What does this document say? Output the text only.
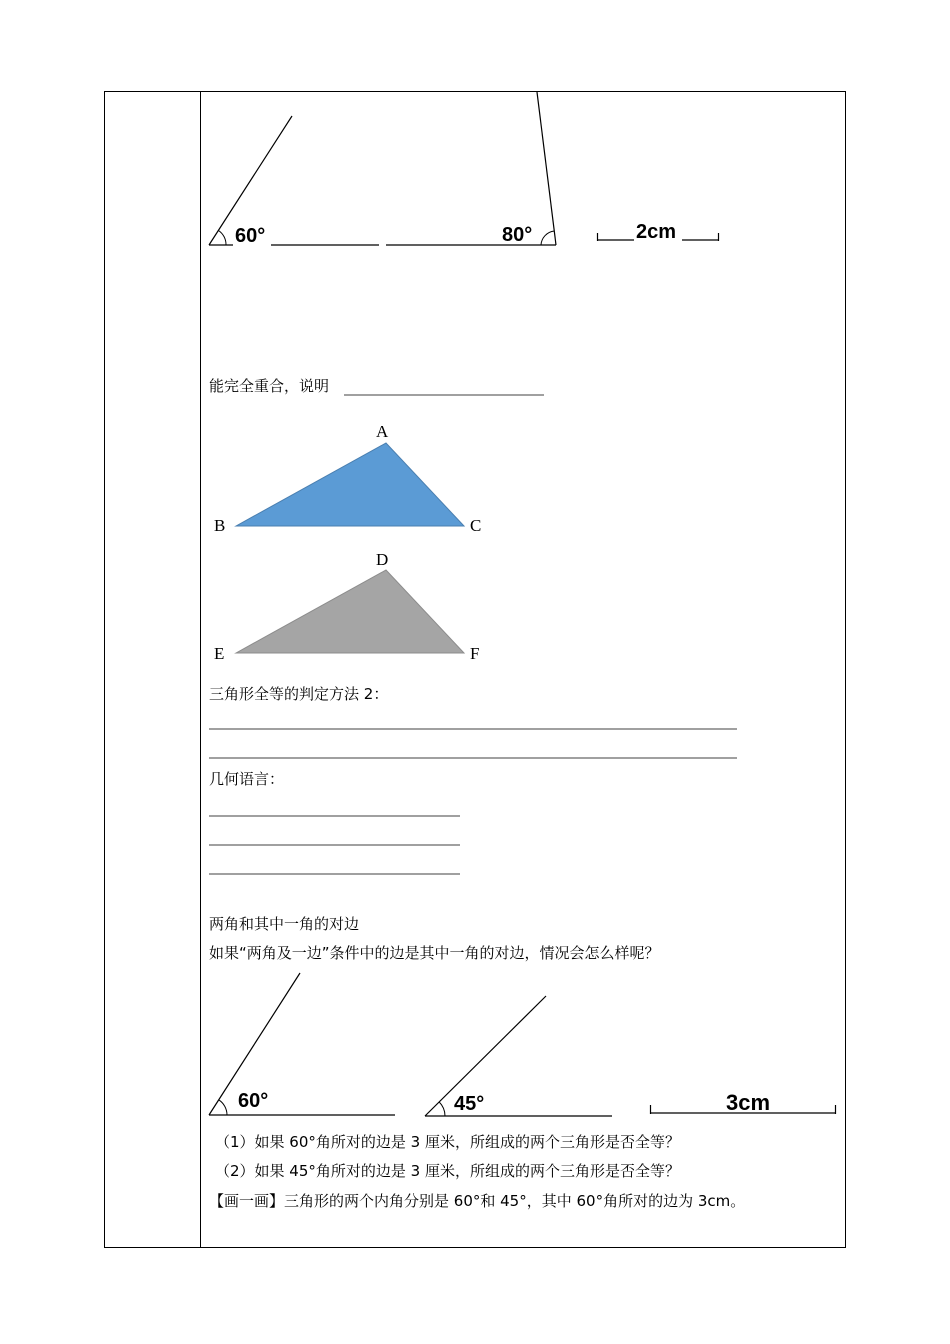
60°	80°	2cm
A
B	C
D
E	F
60°	45°	3cm
能完全重合，说明
三角形全等的判定方法 2：
几何语言：
两角和其中一角的对边
如果“两角及一边”条件中的边是其中一角的对边，情况会怎么样呢？
（1）如果 60°角所对的边是 3 厘米，所组成的两个三角形是否全等？
（2）如果 45°角所对的边是 3 厘米，所组成的两个三角形是否全等？
【画一画】三角形的两个内角分别是 60°和 45°，其中 60°角所对的边为 3cm。
